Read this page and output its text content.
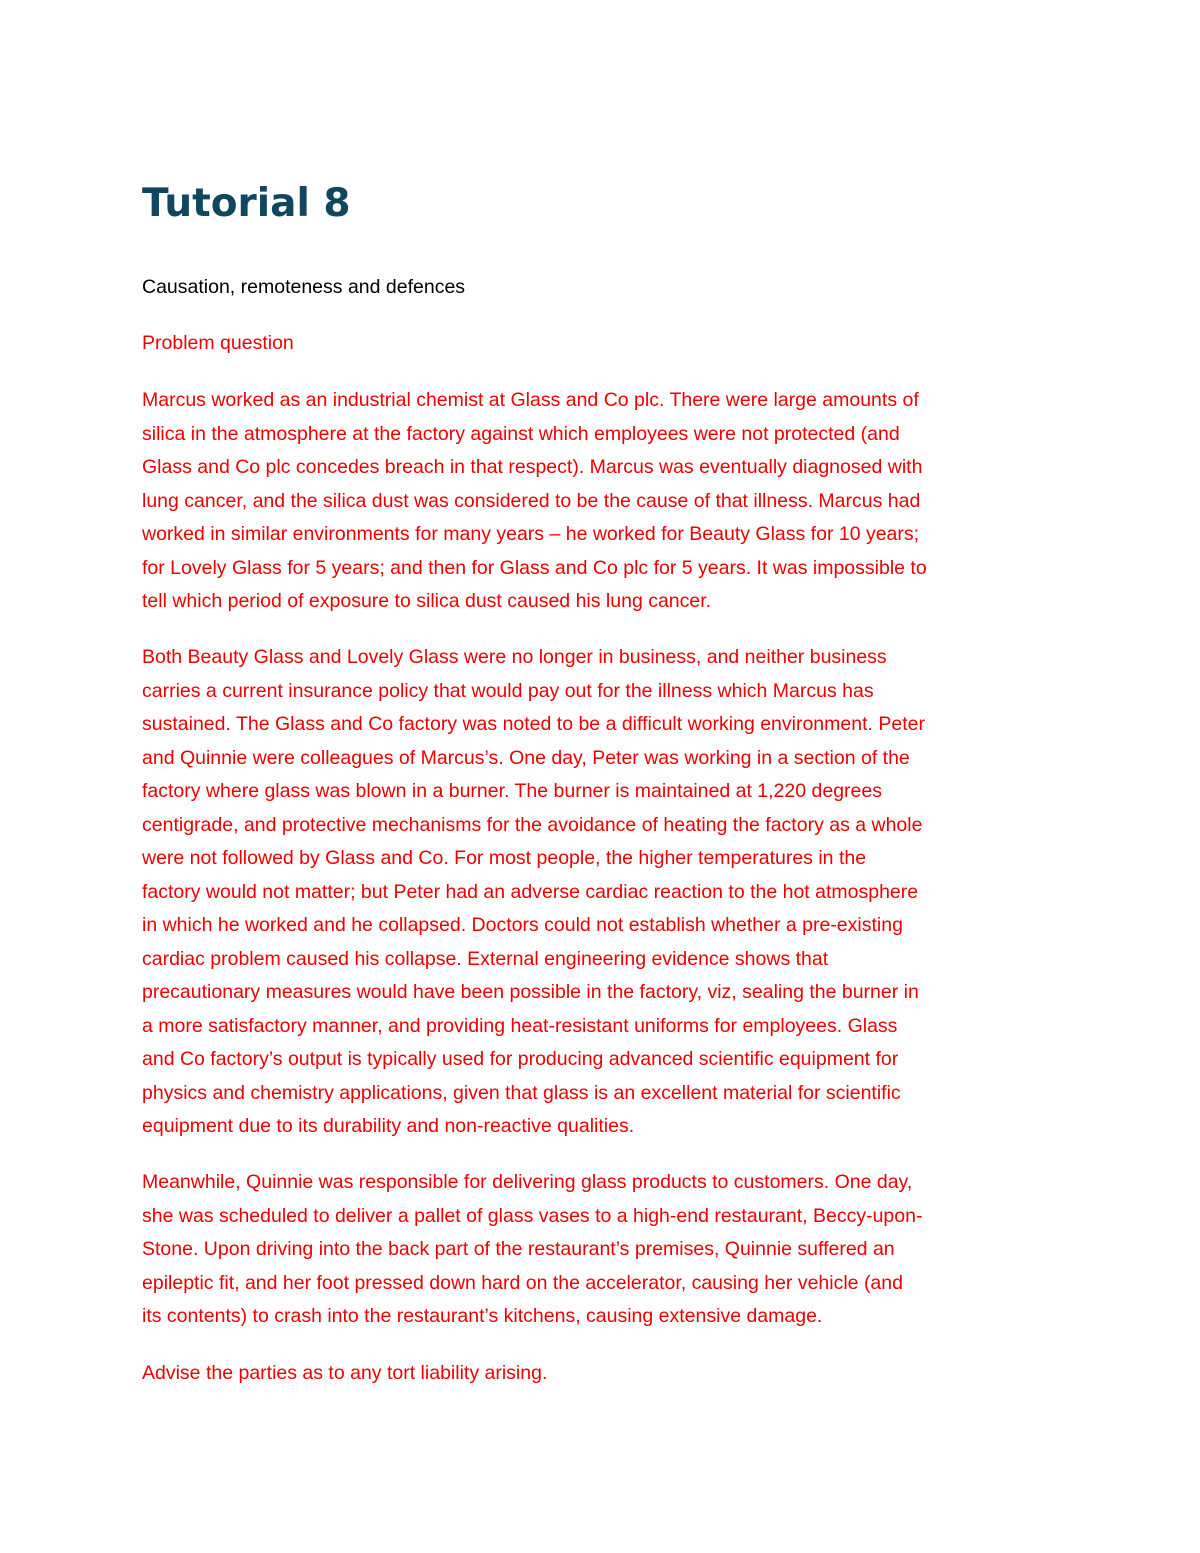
Tutorial 8

Causation, remoteness and defences

Problem question

Marcus worked as an industrial chemist at Glass and Co plc. There were large amounts of
silica in the atmosphere at the factory against which employees were not protected (and
Glass and Co plc concedes breach in that respect). Marcus was eventually diagnosed with
lung cancer, and the silica dust was considered to be the cause of that illness. Marcus had
worked in similar environments for many years – he worked for Beauty Glass for 10 years;
for Lovely Glass for 5 years; and then for Glass and Co plc for 5 years. It was impossible to
tell which period of exposure to silica dust caused his lung cancer.

Both Beauty Glass and Lovely Glass were no longer in business, and neither business
carries a current insurance policy that would pay out for the illness which Marcus has
sustained. The Glass and Co factory was noted to be a difficult working environment. Peter
and Quinnie were colleagues of Marcus’s. One day, Peter was working in a section of the
factory where glass was blown in a burner. The burner is maintained at 1,220 degrees
centigrade, and protective mechanisms for the avoidance of heating the factory as a whole
were not followed by Glass and Co. For most people, the higher temperatures in the
factory would not matter; but Peter had an adverse cardiac reaction to the hot atmosphere
in which he worked and he collapsed. Doctors could not establish whether a pre-existing
cardiac problem caused his collapse. External engineering evidence shows that
precautionary measures would have been possible in the factory, viz, sealing the burner in
a more satisfactory manner, and providing heat-resistant uniforms for employees. Glass
and Co factory’s output is typically used for producing advanced scientific equipment for
physics and chemistry applications, given that glass is an excellent material for scientific
equipment due to its durability and non-reactive qualities.

Meanwhile, Quinnie was responsible for delivering glass products to customers. One day,
she was scheduled to deliver a pallet of glass vases to a high-end restaurant, Beccy-upon-
Stone. Upon driving into the back part of the restaurant’s premises, Quinnie suffered an
epileptic fit, and her foot pressed down hard on the accelerator, causing her vehicle (and
its contents) to crash into the restaurant’s kitchens, causing extensive damage.

Advise the parties as to any tort liability arising.
